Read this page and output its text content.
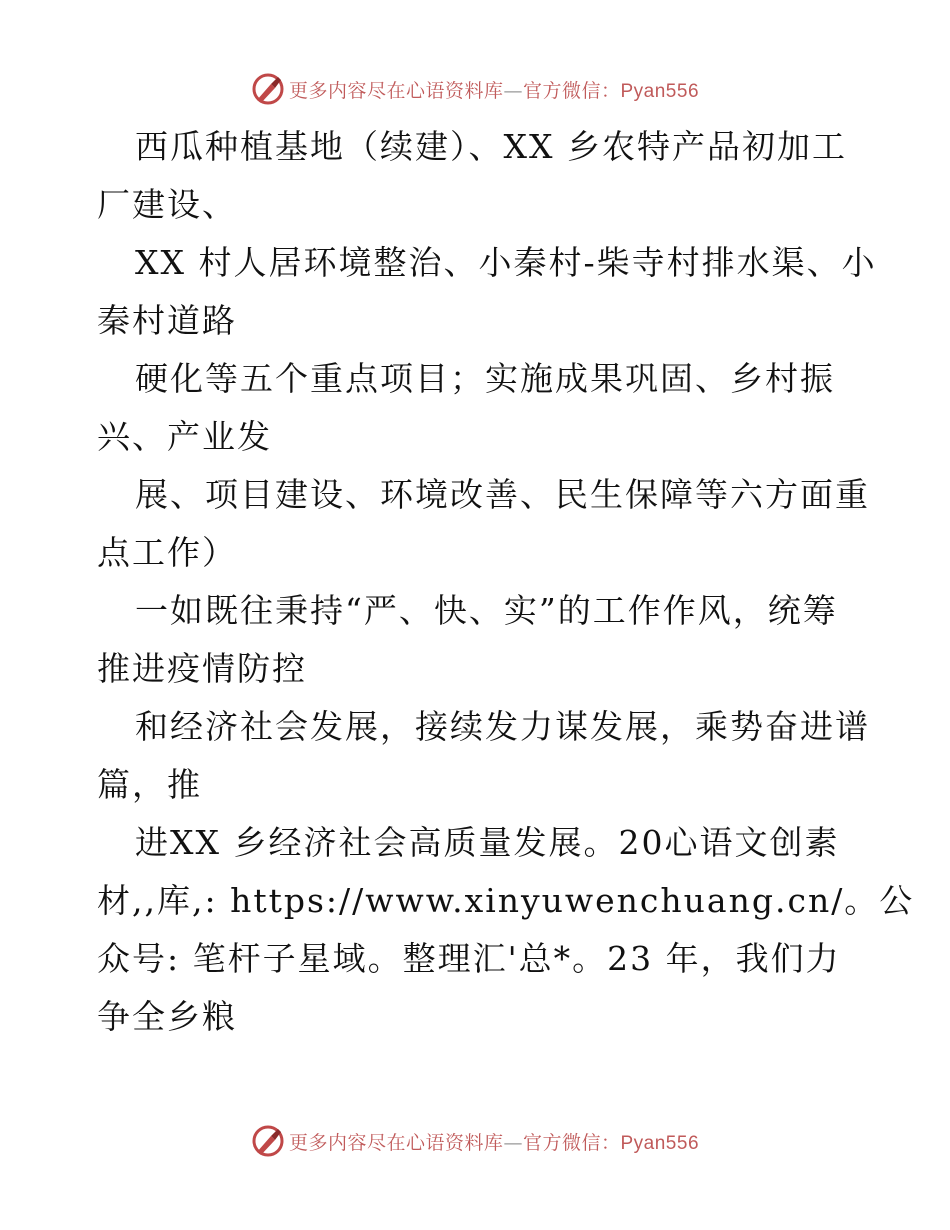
更多内容尽在心语资料库—官方微信：Pyan556
西瓜种植基地（续建）、XX 乡农特产品初加工
厂建设、
XX 村人居环境整治、小秦村-柴寺村排水渠、小
秦村道路
硬化等五个重点项目；实施成果巩固、乡村振
兴、产业发
展、项目建设、环境改善、民生保障等六方面重
点工作）
一如既往秉持“严、快、实”的工作作风，统筹
推进疫情防控
和经济社会发展，接续发力谋发展，乘势奋进谱
篇，推
进XX 乡经济社会高质量发展。20心语文创素
材,,库,: https://www.xinyuwenchuang.cn/。公
众号: 笔杆子星域。整理汇'总*。23 年，我们力
争全乡粮
更多内容尽在心语资料库—官方微信：Pyan556
